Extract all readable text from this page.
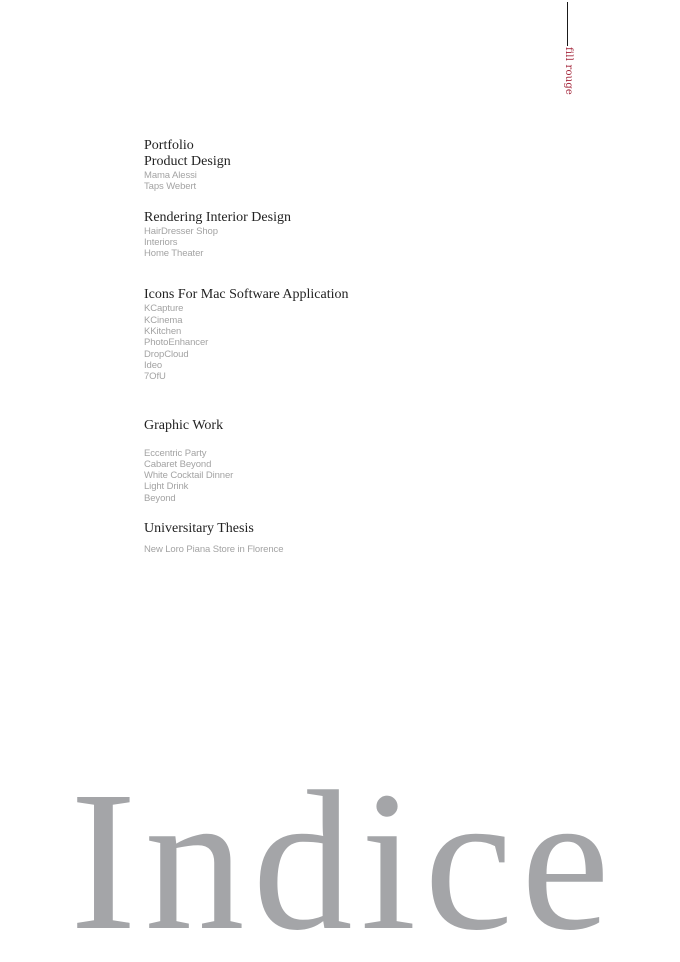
fill rouge
Portfolio
Product Design
Mama Alessi
Taps Webert
Rendering Interior Design
HairDresser Shop
Interiors
Home Theater
Icons For Mac Software Application
KCapture
KCinema
KKitchen
PhotoEnhancer
DropCloud
Ideo
7OfU
Graphic Work
Eccentric Party
Cabaret Beyond
White Cocktail Dinner
Light Drink
Beyond
Universitary Thesis
New Loro Piana Store in Florence
Indice
